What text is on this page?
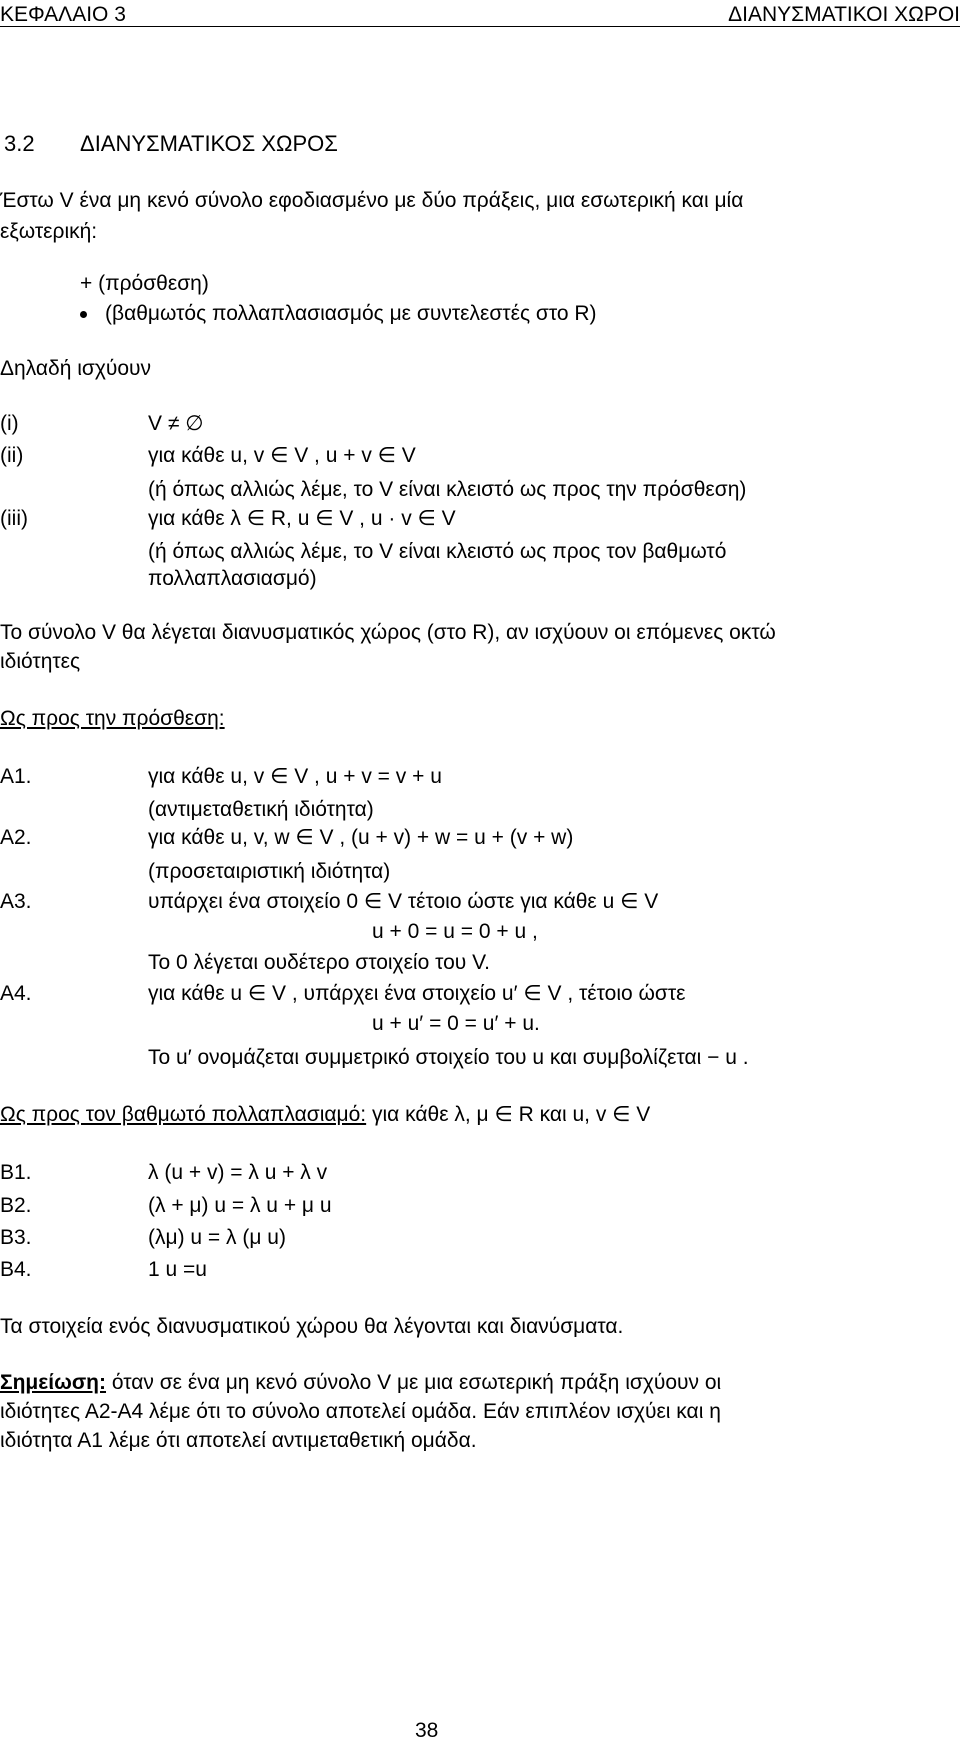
ΚΕΦΑΛΑΙΟ 3	ΔΙΑΝΥΣΜΑΤΙΚΟΙ ΧΩΡΟΙ
3.2 ΔΙΑΝΥΣΜΑΤΙΚΟΣ ΧΩΡΟΣ
Έστω V ένα μη κενό σύνολο εφοδιασμένο με δύο πράξεις, μια εσωτερική και μία
εξωτερική:
+ (πρόσθεση)
(βαθμωτός πολλαπλασιασμός με συντελεστές στο R)
Δηλαδή ισχύουν
(i)	V ≠ ∅
(ii)	για κάθε u, v ∈ V , u + v ∈ V
(ή όπως αλλιώς λέμε, το V είναι κλειστό ως προς την πρόσθεση)
(iii)	για κάθε λ ∈ R, u ∈ V , u · v ∈ V
(ή όπως αλλιώς λέμε, το V είναι κλειστό ως προς τον βαθμωτό
πολλαπλασιασμό)
Το σύνολο V θα λέγεται διανυσματικός χώρος (στο R), αν ισχύουν οι επόμενες οκτώ
ιδιότητες
Ως προς την πρόσθεση:
Α1.	για κάθε u, v ∈ V , u + v = v + u
(αντιμεταθετική ιδιότητα)
Α2.	για κάθε u, v, w ∈ V , (u + v) + w = u + (v + w)
(προσεταιριστική ιδιότητα)
Α3.	υπάρχει ένα στοιχείο 0 ∈ V τέτοιο ώστε για κάθε u ∈ V
u + 0 = u = 0 + u ,
Το 0 λέγεται ουδέτερο στοιχείο του V.
Α4.	για κάθε u ∈ V , υπάρχει ένα στοιχείο u′ ∈ V , τέτοιο ώστε
u + u′ = 0 = u′ + u.
Το u′ ονομάζεται συμμετρικό στοιχείο του u και συμβολίζεται − u .
Ως προς τον βαθμωτό πολλαπλασιαμό: για κάθε λ, μ ∈ R και u, v ∈ V
Β1.	λ (u + v) = λ u + λ v
Β2.	(λ + μ) u = λ u + μ u
Β3.	(λμ) u = λ (μ u)
Β4.	1 u =u
Τα στοιχεία ενός διανυσματικού χώρου θα λέγονται και διανύσματα.
Σημείωση: όταν σε ένα μη κενό σύνολο V με μια εσωτερική πράξη ισχύουν οι
ιδιότητες Α2-Α4 λέμε ότι το σύνολο αποτελεί ομάδα. Εάν επιπλέον ισχύει και η
ιδιότητα Α1 λέμε ότι αποτελεί αντιμεταθετική ομάδα.
38
